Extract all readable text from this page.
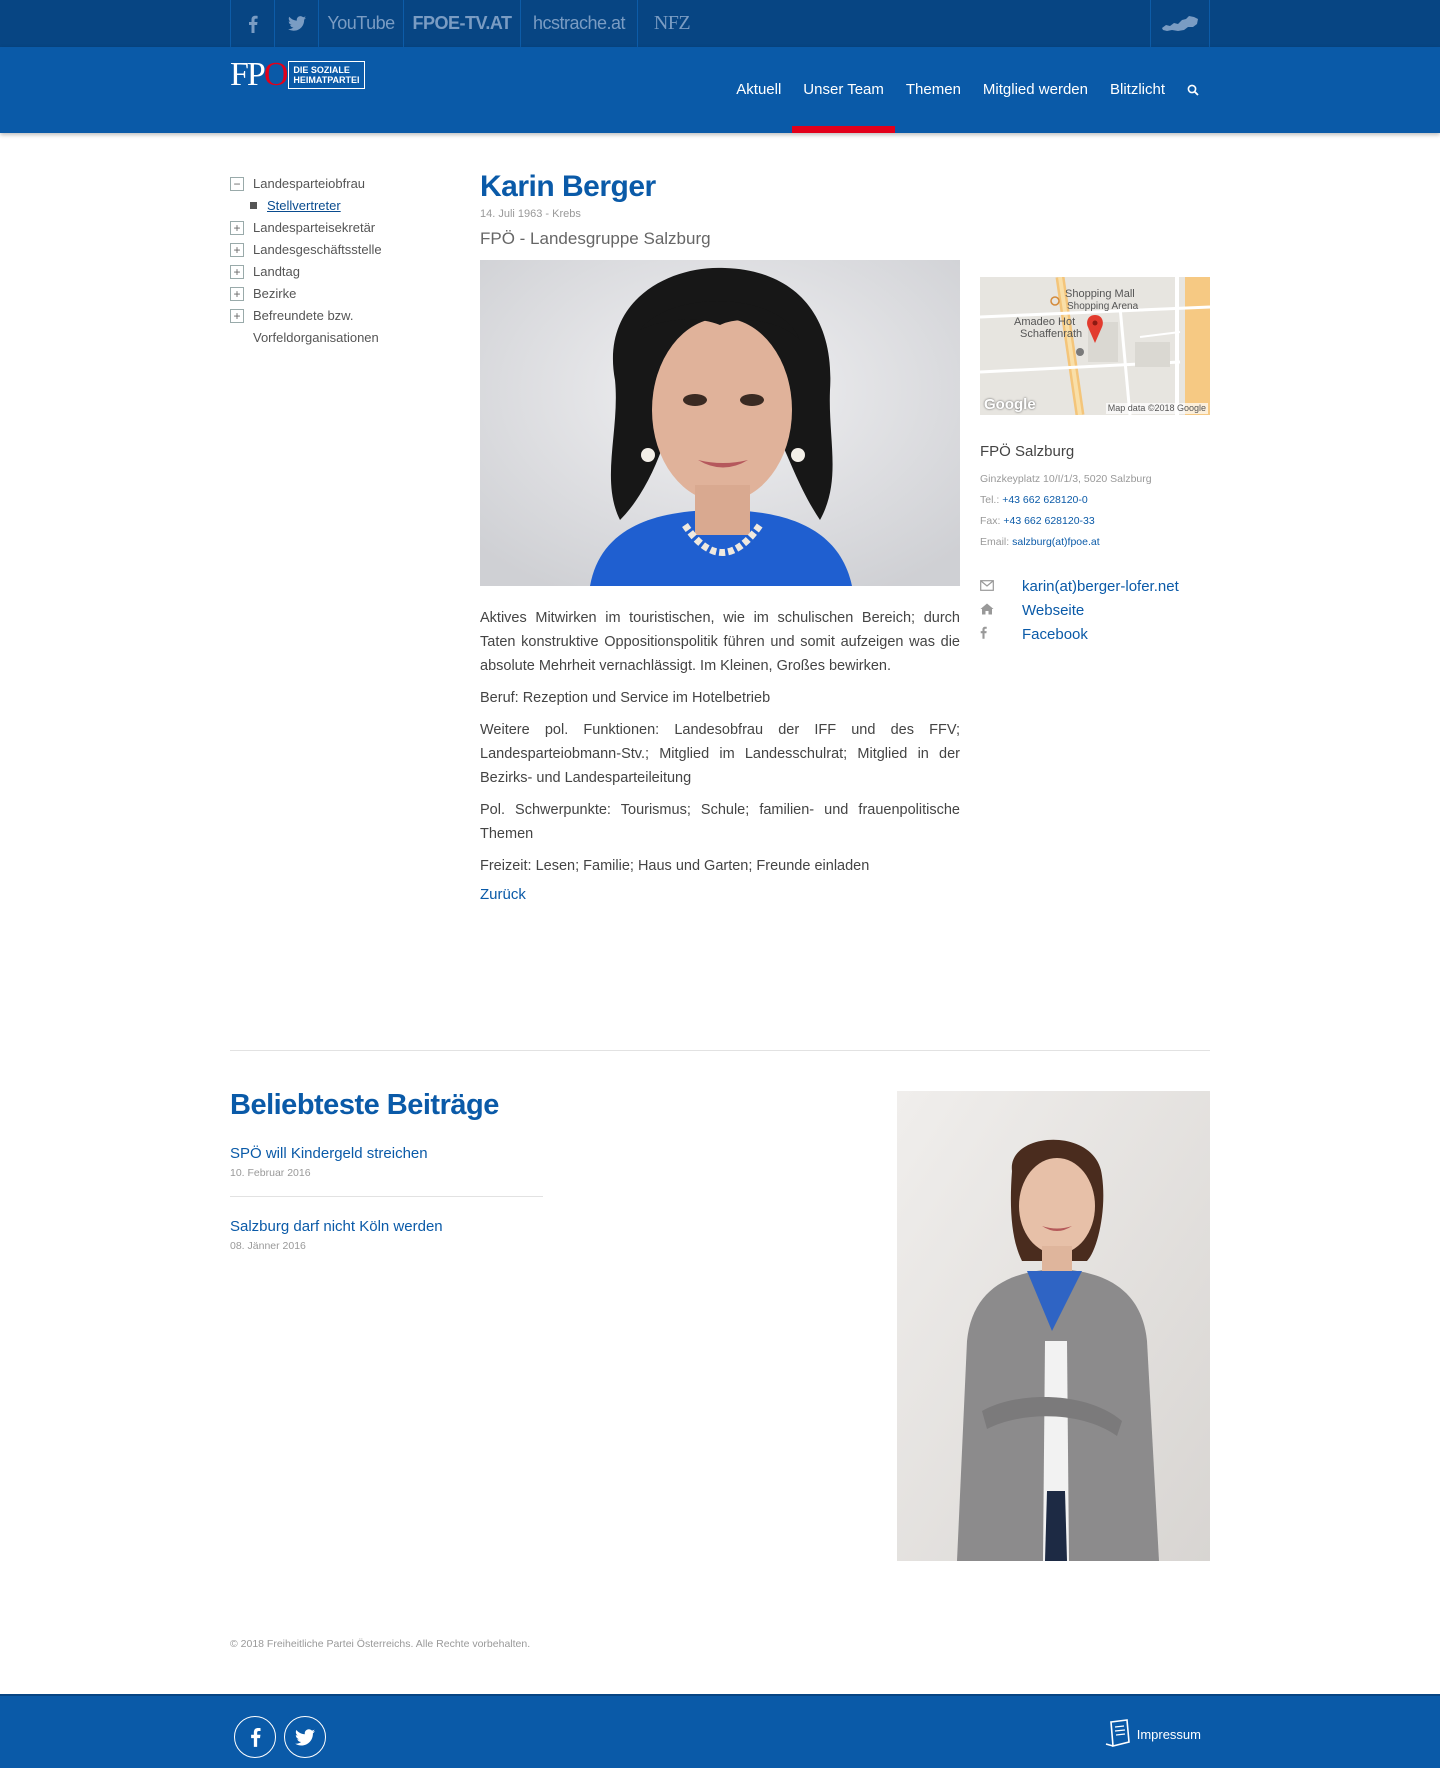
YouTube FPOE-TV.AT hcstrache.at NFZ
FPO DIE SOZIALE
HEIMATPARTEI
Aktuell	Unser Team	Themen	Mitglied werden	Blitzlicht
− Landesparteiobfrau
Stellvertreter
+ Landesparteisekretär
+ Landesgeschäftsstelle
+ Landtag
+ Bezirke
+ Befreundete bzw.
Vorfeldorganisationen
Karin Berger
14. Juli 1963 - Krebs
FPÖ - Landesgruppe Salzburg

Aktives Mitwirken im touristischen, wie im schulischen Bereich; durch Taten konstruktive Oppositionspolitik führen und somit aufzeigen was die absolute Mehrheit vernachlässigt. Im Kleinen, Großes bewirken.

Beruf: Rezeption und Service im Hotelbetrieb

Weitere pol. Funktionen: Landesobfrau der IFF und des FFV; Landesparteiobmann-Stv.; Mitglied im Landesschulrat; Mitglied in der Bezirks- und Landesparteileitung

Pol. Schwerpunkte: Tourismus; Schule; familien- und frauenpolitische Themen

Freizeit: Lesen; Familie; Haus und Garten; Freunde einladen

Zurück
Shopping Mall
Shopping Arena
Amadeo Hot
Schaffenrath
Google	Map data ©2018 Google
FPÖ Salzburg
Ginzkeyplatz 10/I/1/3, 5020 Salzburg
Tel.: +43 662 628120-0
Fax: +43 662 628120-33
Email: salzburg(at)fpoe.at
karin(at)berger-lofer.net
Webseite
Facebook
Beliebteste Beiträge
SPÖ will Kindergeld streichen
10. Februar 2016
Salzburg darf nicht Köln werden
08. Jänner 2016
© 2018 Freiheitliche Partei Österreichs. Alle Rechte vorbehalten.
Impressum
